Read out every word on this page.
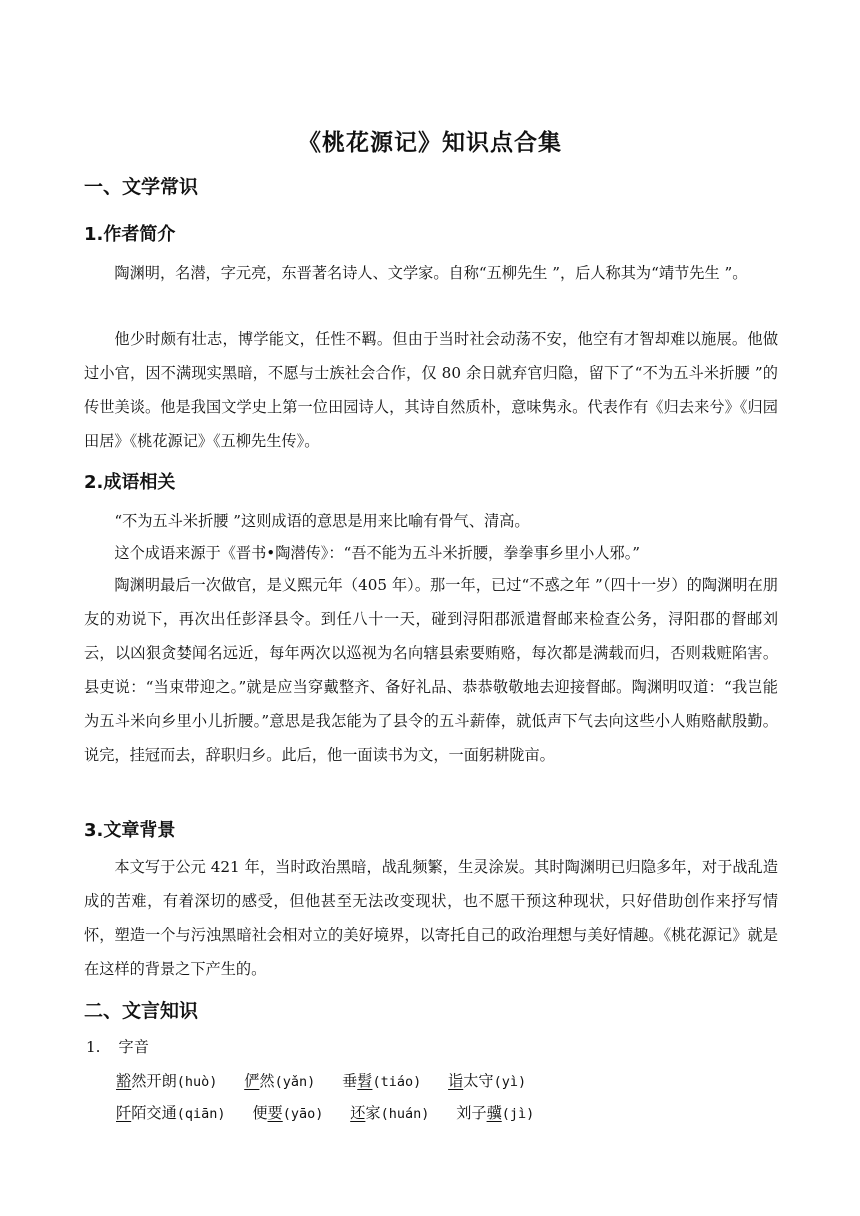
《桃花源记》知识点合集
一、文学常识
1.作者简介
陶渊明，名潜，字元亮，东晋著名诗人、文学家。自称“五柳先生 ”，后人称其为“靖节先生 ”。
他少时颇有壮志，博学能文，任性不羁。但由于当时社会动荡不安，他空有才智却难以施展。他做过小官，因不满现实黑暗，不愿与士族社会合作，仅 80 余日就弃官归隐，留下了“不为五斗米折腰 ”的传世美谈。他是我国文学史上第一位田园诗人，其诗自然质朴，意味隽永。代表作有《归去来兮》《归园田居》《桃花源记》《五柳先生传》。
2.成语相关
“不为五斗米折腰 ”这则成语的意思是用来比喻有骨气、清高。
这个成语来源于《晋书•陶潜传》：“吾不能为五斗米折腰，拳拳事乡里小人邪。”
陶渊明最后一次做官，是义熙元年（405 年）。那一年，已过“不惑之年 ”（四十一岁）的陶渊明在朋友的劝说下，再次出任彭泽县令。到任八十一天，碰到浔阳郡派遣督邮来检查公务，浔阳郡的督邮刘云，以凶狠贪婪闻名远近，每年两次以巡视为名向辖县索要贿赂，每次都是满载而归，否则栽赃陷害。县吏说：“当束带迎之。”就是应当穿戴整齐、备好礼品、恭恭敬敬地去迎接督邮。陶渊明叹道：“我岂能为五斗米向乡里小儿折腰。”意思是我怎能为了县令的五斗薪俸，就低声下气去向这些小人贿赂献殷勤。说完，挂冠而去，辞职归乡。此后，他一面读书为文，一面躬耕陇亩。
3.文章背景
本文写于公元 421 年，当时政治黑暗，战乱频繁，生灵涂炭。其时陶渊明已归隐多年，对于战乱造成的苦难，有着深切的感受，但他甚至无法改变现状，也不愿干预这种现状，只好借助创作来抒写情怀，塑造一个与污浊黑暗社会相对立的美好境界，以寄托自己的政治理想与美好情趣。《桃花源记》就是在这样的背景之下产生的。
二、文言知识
1. 字音
豁然开朗(huò) 俨然(yǎn) 垂髫(tiáo) 诣太守(yì)
阡陌交通(qiān) 便要(yāo) 还家(huán) 刘子骥(jì)
